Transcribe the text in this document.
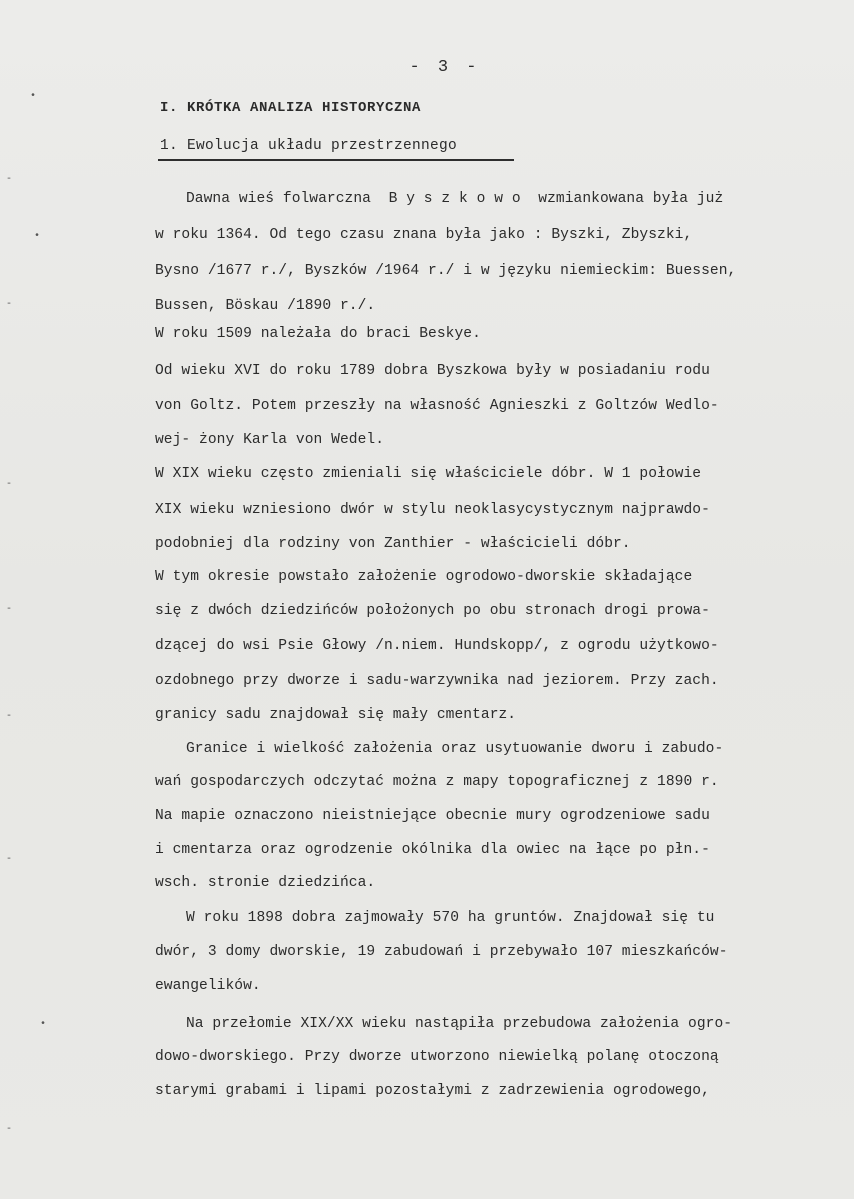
•
‐
•
‐
‐
‐
‐
‐
•
‐
- 3 -
I. KRÓTKA ANALIZA HISTORYCZNA
1. Ewolucja układu przestrzennego
Dawna wieś folwarczna  B y s z k o w o  wzmiankowana była już
w roku 1364. Od tego czasu znana była jako : Byszki, Zbyszki,
Bysno /1677 r./, Byszków /1964 r./ i w języku niemieckim: Buessen,
Bussen, Böskau /1890 r./.
W roku 1509 należała do braci Beskye.
Od wieku XVI do roku 1789 dobra Byszkowa były w posiadaniu rodu
von Goltz. Potem przeszły na własność Agnieszki z Goltzów Wedlo-
wej- żony Karla von Wedel.
W XIX wieku często zmieniali się właściciele dóbr. W 1 połowie
XIX wieku wzniesiono dwór w stylu neoklasycystycznym najprawdo-
podobniej dla rodziny von Zanthier - właścicieli dóbr.
W tym okresie powstało założenie ogrodowo-dworskie składające
się z dwóch dziedzińców położonych po obu stronach drogi prowa-
dzącej do wsi Psie Głowy /n.niem. Hundskopp/, z ogrodu użytkowo-
ozdobnego przy dworze i sadu-warzywnika nad jeziorem. Przy zach.
granicy sadu znajdował się mały cmentarz.
Granice i wielkość założenia oraz usytuowanie dworu i zabudo-
wań gospodarczych odczytać można z mapy topograficznej z 1890 r.
Na mapie oznaczono nieistniejące obecnie mury ogrodzeniowe sadu
i cmentarza oraz ogrodzenie okólnika dla owiec na łące po płn.-
wsch. stronie dziedzińca.
W roku 1898 dobra zajmowały 570 ha gruntów. Znajdował się tu
dwór, 3 domy dworskie, 19 zabudowań i przebywało 107 mieszkańców-
ewangelików.
Na przełomie XIX/XX wieku nastąpiła przebudowa założenia ogro-
dowo-dworskiego. Przy dworze utworzono niewielką polanę otoczoną
starymi grabami i lipami pozostałymi z zadrzewienia ogrodowego,
